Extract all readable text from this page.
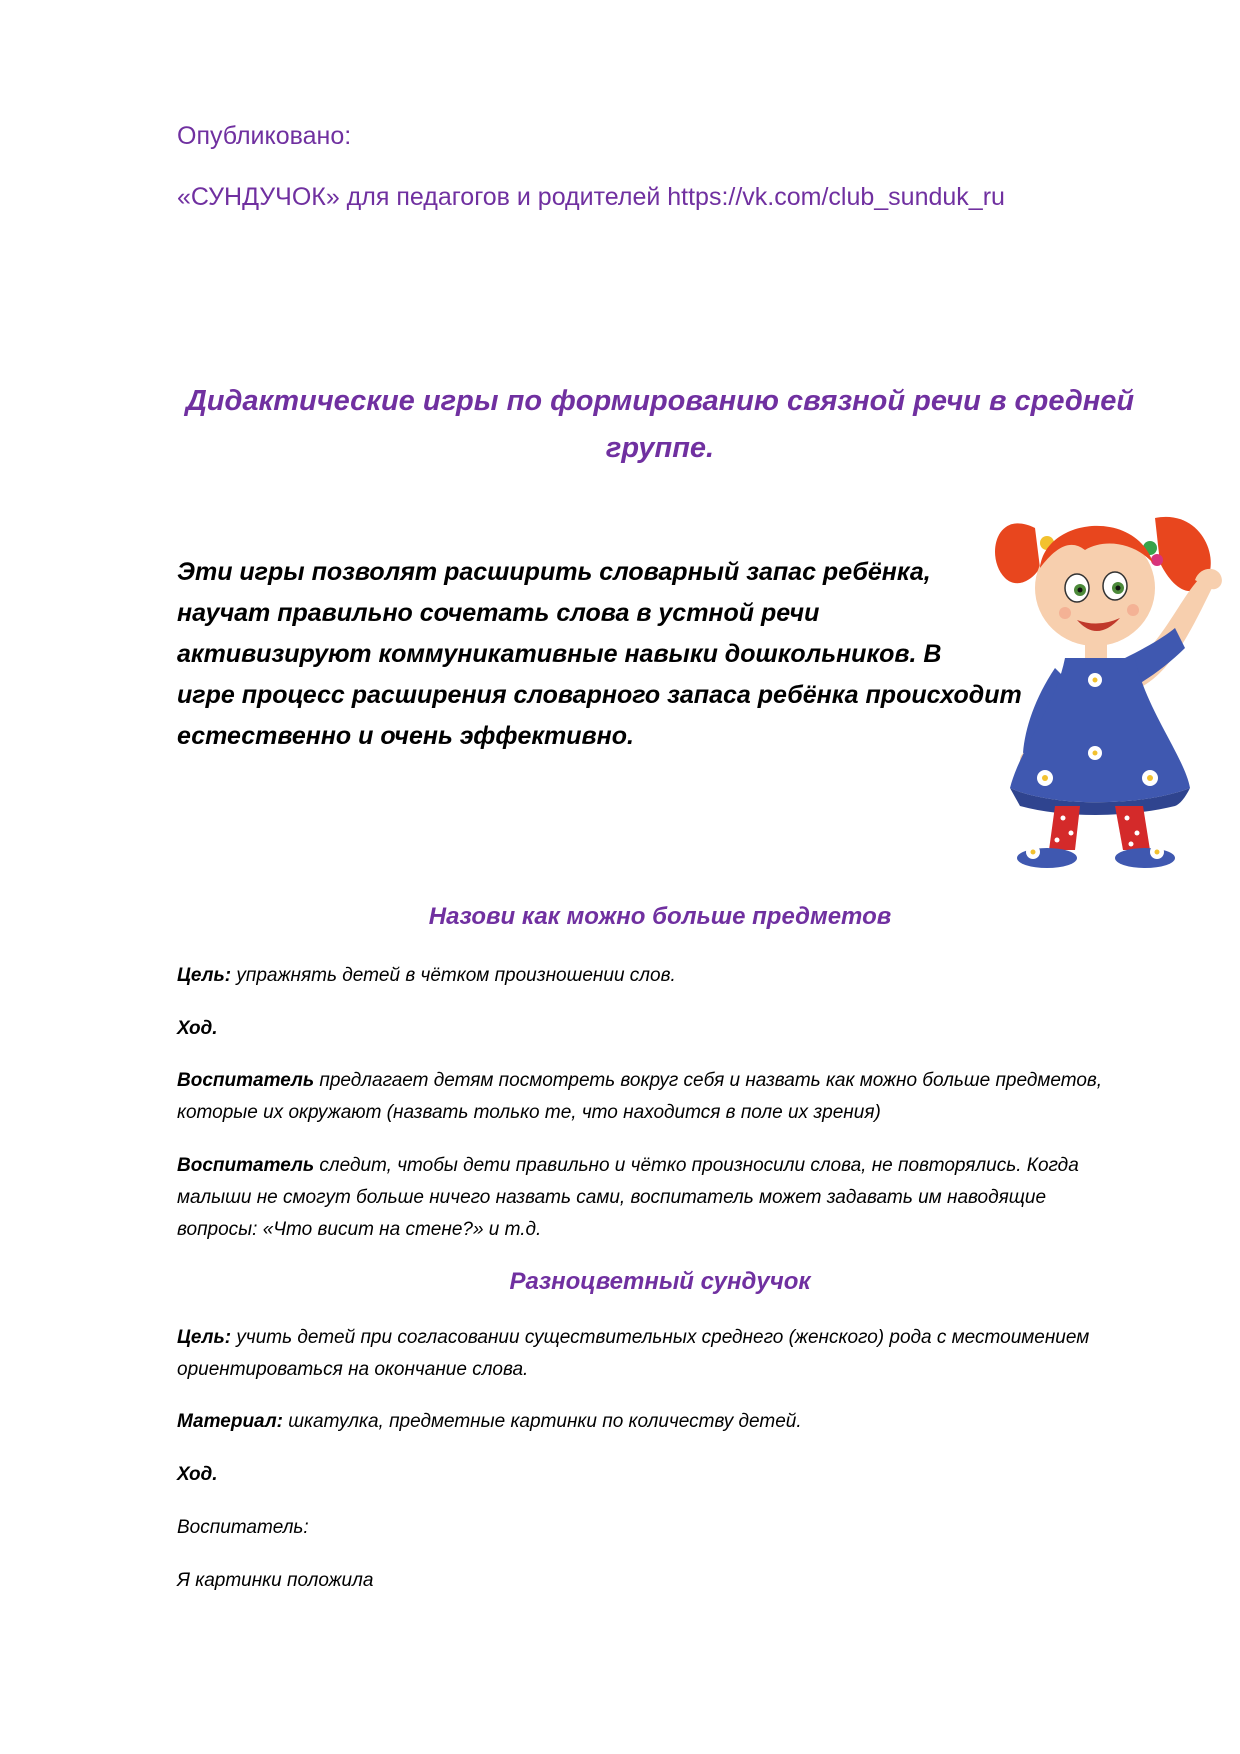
Опубликовано:

«СУНДУЧОК» для педагогов и родителей https://vk.com/club_sunduk_ru

Дидактические игры по формированию связной речи в средней
группе.

Эти игры позволят расширить словарный запас ребёнка,
научат правильно сочетать слова в устной речи
активизируют коммуникативные навыки дошкольников. В
игре процесс расширения словарного запаса ребёнка происходит
естественно и очень эффективно.

Назови как можно больше предметов

Цель: упражнять детей в чётком произношении слов.

Ход.

Воспитатель предлагает детям посмотреть вокруг себя и назвать как можно больше предметов, которые их окружают (назвать только те, что находится в поле их зрения)

Воспитатель следит, чтобы дети правильно и чётко произносили слова, не повторялись. Когда малыши не смогут больше ничего назвать сами, воспитатель может задавать им наводящие вопросы: «Что висит на стене?» и т.д.

Разноцветный сундучок

Цель: учить детей при согласовании существительных среднего (женского) рода с местоимением ориентироваться на окончание слова.

Материал: шкатулка, предметные картинки по количеству детей.

Ход.

Воспитатель:

Я картинки положила
